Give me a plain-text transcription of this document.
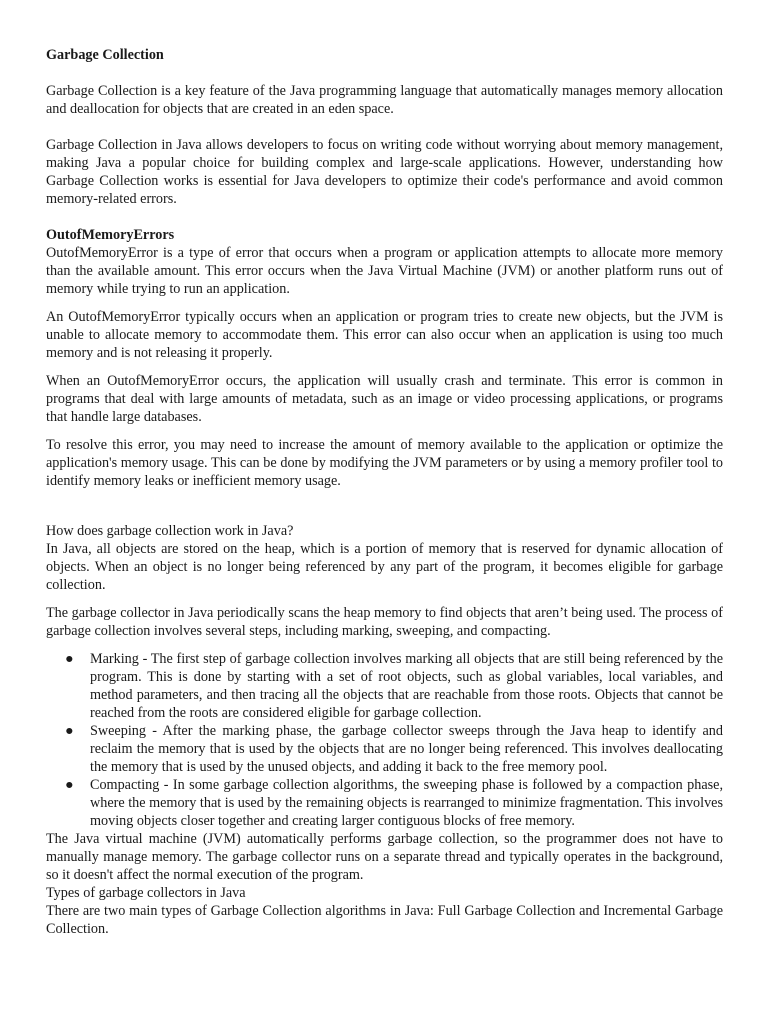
Garbage Collection

Garbage Collection is a key feature of the Java programming language that automatically manages memory allocation and deallocation for objects that are created in an eden space.

Garbage Collection in Java allows developers to focus on writing code without worrying about memory management, making Java a popular choice for building complex and large-scale applications. However, understanding how Garbage Collection works is essential for Java developers to optimize their code's performance and avoid common memory-related errors.

OutofMemoryErrors

OutofMemoryError is a type of error that occurs when a program or application attempts to allocate more memory than the available amount. This error occurs when the Java Virtual Machine (JVM) or another platform runs out of memory while trying to run an application.

An OutofMemoryError typically occurs when an application or program tries to create new objects, but the JVM is unable to allocate memory to accommodate them. This error can also occur when an application is using too much memory and is not releasing it properly.

When an OutofMemoryError occurs, the application will usually crash and terminate. This error is common in programs that deal with large amounts of metadata, such as an image or video processing applications, or programs that handle large databases.

To resolve this error, you may need to increase the amount of memory available to the application or optimize the application's memory usage. This can be done by modifying the JVM parameters or by using a memory profiler tool to identify memory leaks or inefficient memory usage.

How does garbage collection work in Java?

In Java, all objects are stored on the heap, which is a portion of memory that is reserved for dynamic allocation of objects. When an object is no longer being referenced by any part of the program, it becomes eligible for garbage collection.

The garbage collector in Java periodically scans the heap memory to find objects that aren’t being used. The process of garbage collection involves several steps, including marking, sweeping, and compacting.

● Marking - The first step of garbage collection involves marking all objects that are still being referenced by the program. This is done by starting with a set of root objects, such as global variables, local variables, and method parameters, and then tracing all the objects that are reachable from those roots. Objects that cannot be reached from the roots are considered eligible for garbage collection.
● Sweeping - After the marking phase, the garbage collector sweeps through the Java heap to identify and reclaim the memory that is used by the objects that are no longer being referenced. This involves deallocating the memory that is used by the unused objects, and adding it back to the free memory pool.
● Compacting - In some garbage collection algorithms, the sweeping phase is followed by a compaction phase, where the memory that is used by the remaining objects is rearranged to minimize fragmentation. This involves moving objects closer together and creating larger contiguous blocks of free memory.

The Java virtual machine (JVM) automatically performs garbage collection, so the programmer does not have to manually manage memory. The garbage collector runs on a separate thread and typically operates in the background, so it doesn't affect the normal execution of the program.

Types of garbage collectors in Java

There are two main types of Garbage Collection algorithms in Java: Full Garbage Collection and Incremental Garbage Collection.
